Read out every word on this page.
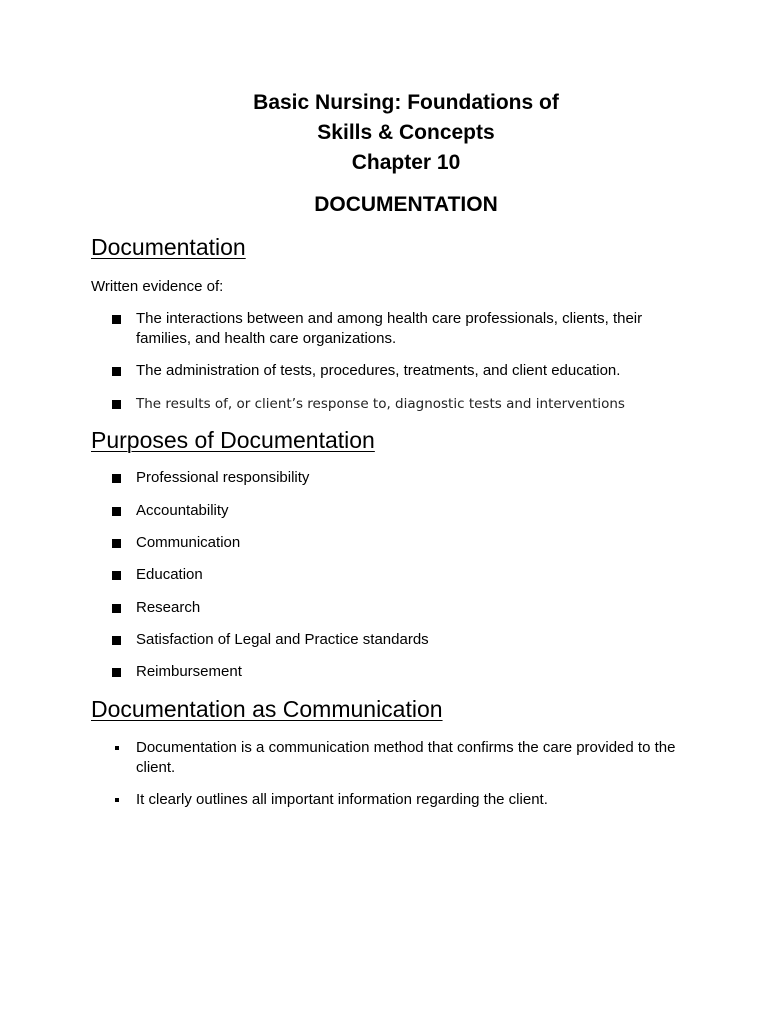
Basic Nursing: Foundations of
Skills & Concepts
Chapter 10
DOCUMENTATION
Documentation
Written evidence of:
The interactions between and among health care professionals, clients, their families, and health care organizations.
The administration of tests, procedures, treatments, and client education.
The results of, or client’s response to, diagnostic tests and interventions
Purposes of Documentation
Professional responsibility
Accountability
Communication
Education
Research
Satisfaction of Legal and Practice standards
Reimbursement
Documentation as Communication
Documentation is a communication method that confirms the care provided to the client.
It clearly outlines all important information regarding the client.
